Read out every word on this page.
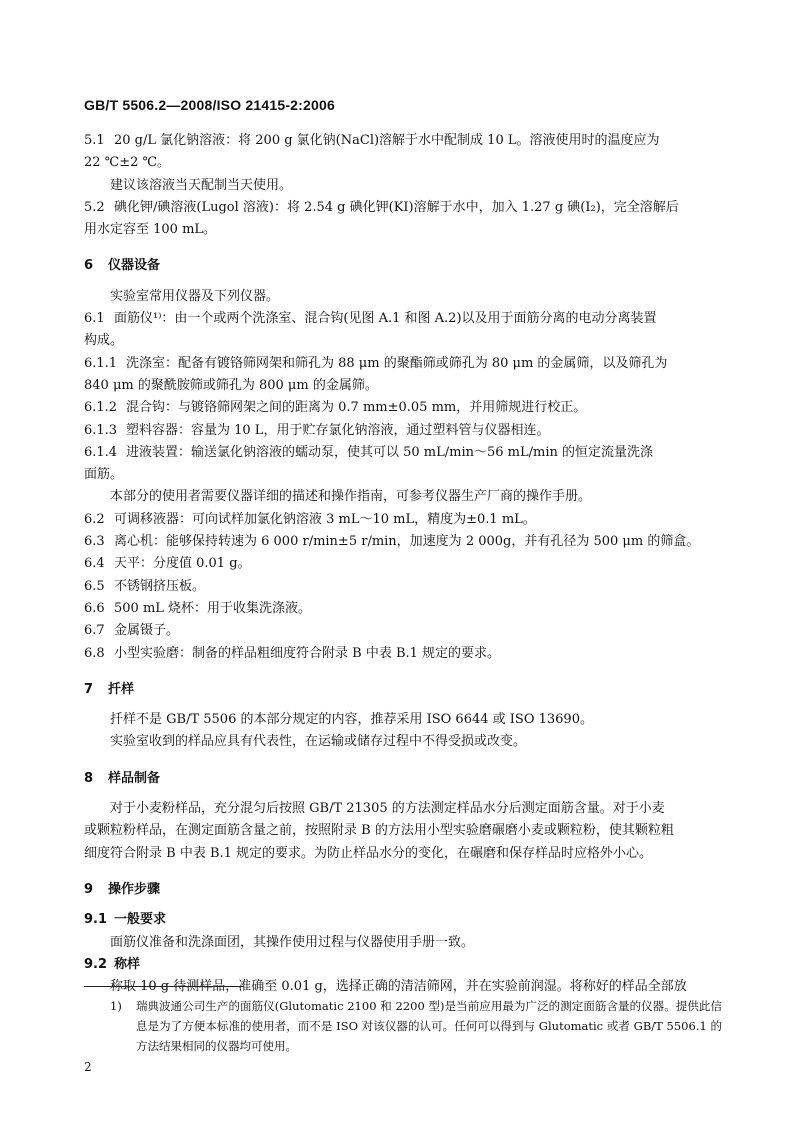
GB/T 5506.2—2008/ISO 21415-2:2006
5.1 20 g/L 氯化钠溶液：将 200 g 氯化钠(NaCl)溶解于水中配制成 10 L。溶液使用时的温度应为
22 ℃±2 ℃。
建议该溶液当天配制当天使用。
5.2 碘化钾/碘溶液(Lugol 溶液)：将 2.54 g 碘化钾(KI)溶解于水中，加入 1.27 g 碘(I₂)，完全溶解后
用水定容至 100 mL。
6 仪器设备
实验室常用仪器及下列仪器。
6.1 面筋仪¹⁾：由一个或两个洗涤室、混合钩(见图 A.1 和图 A.2)以及用于面筋分离的电动分离装置
构成。
6.1.1 洗涤室：配备有镀铬筛网架和筛孔为 88 μm 的聚酯筛或筛孔为 80 μm 的金属筛，以及筛孔为
840 μm 的聚酰胺筛或筛孔为 800 μm 的金属筛。
6.1.2 混合钩：与镀铬筛网架之间的距离为 0.7 mm±0.05 mm，并用筛规进行校正。
6.1.3 塑料容器：容量为 10 L，用于贮存氯化钠溶液，通过塑料管与仪器相连。
6.1.4 进液装置：输送氯化钠溶液的蠕动泵，使其可以 50 mL/min～56 mL/min 的恒定流量洗涤
面筋。
本部分的使用者需要仪器详细的描述和操作指南，可参考仪器生产厂商的操作手册。
6.2 可调移液器：可向试样加氯化钠溶液 3 mL～10 mL，精度为±0.1 mL。
6.3 离心机：能够保持转速为 6 000 r/min±5 r/min，加速度为 2 000g，并有孔径为 500 μm 的筛盒。
6.4 天平：分度值 0.01 g。
6.5 不锈钢挤压板。
6.6 500 mL 烧杯：用于收集洗涤液。
6.7 金属镊子。
6.8 小型实验磨：制备的样品粗细度符合附录 B 中表 B.1 规定的要求。
7 扦样
扦样不是 GB/T 5506 的本部分规定的内容，推荐采用 ISO 6644 或 ISO 13690。
实验室收到的样品应具有代表性，在运输或储存过程中不得受损或改变。
8 样品制备
对于小麦粉样品，充分混匀后按照 GB/T 21305 的方法测定样品水分后测定面筋含量。对于小麦
或颗粒粉样品，在测定面筋含量之前，按照附录 B 的方法用小型实验磨碾磨小麦或颗粒粉，使其颗粒粗
细度符合附录 B 中表 B.1 规定的要求。为防止样品水分的变化，在碾磨和保存样品时应格外小心。
9 操作步骤
9.1 一般要求
面筋仪准备和洗涤面团，其操作使用过程与仪器使用手册一致。
9.2 称样
称取 10 g 待测样品，准确至 0.01 g，选择正确的清洁筛网，并在实验前润湿。将称好的样品全部放
1)	瑞典波通公司生产的面筋仪(Glutomatic 2100 和 2200 型)是当前应用最为广泛的测定面筋含量的仪器。提供此信息是为了方便本标准的使用者，而不是 ISO 对该仪器的认可。任何可以得到与 Glutomatic 或者 GB/T 5506.1 的方法结果相同的仪器均可使用。
2
